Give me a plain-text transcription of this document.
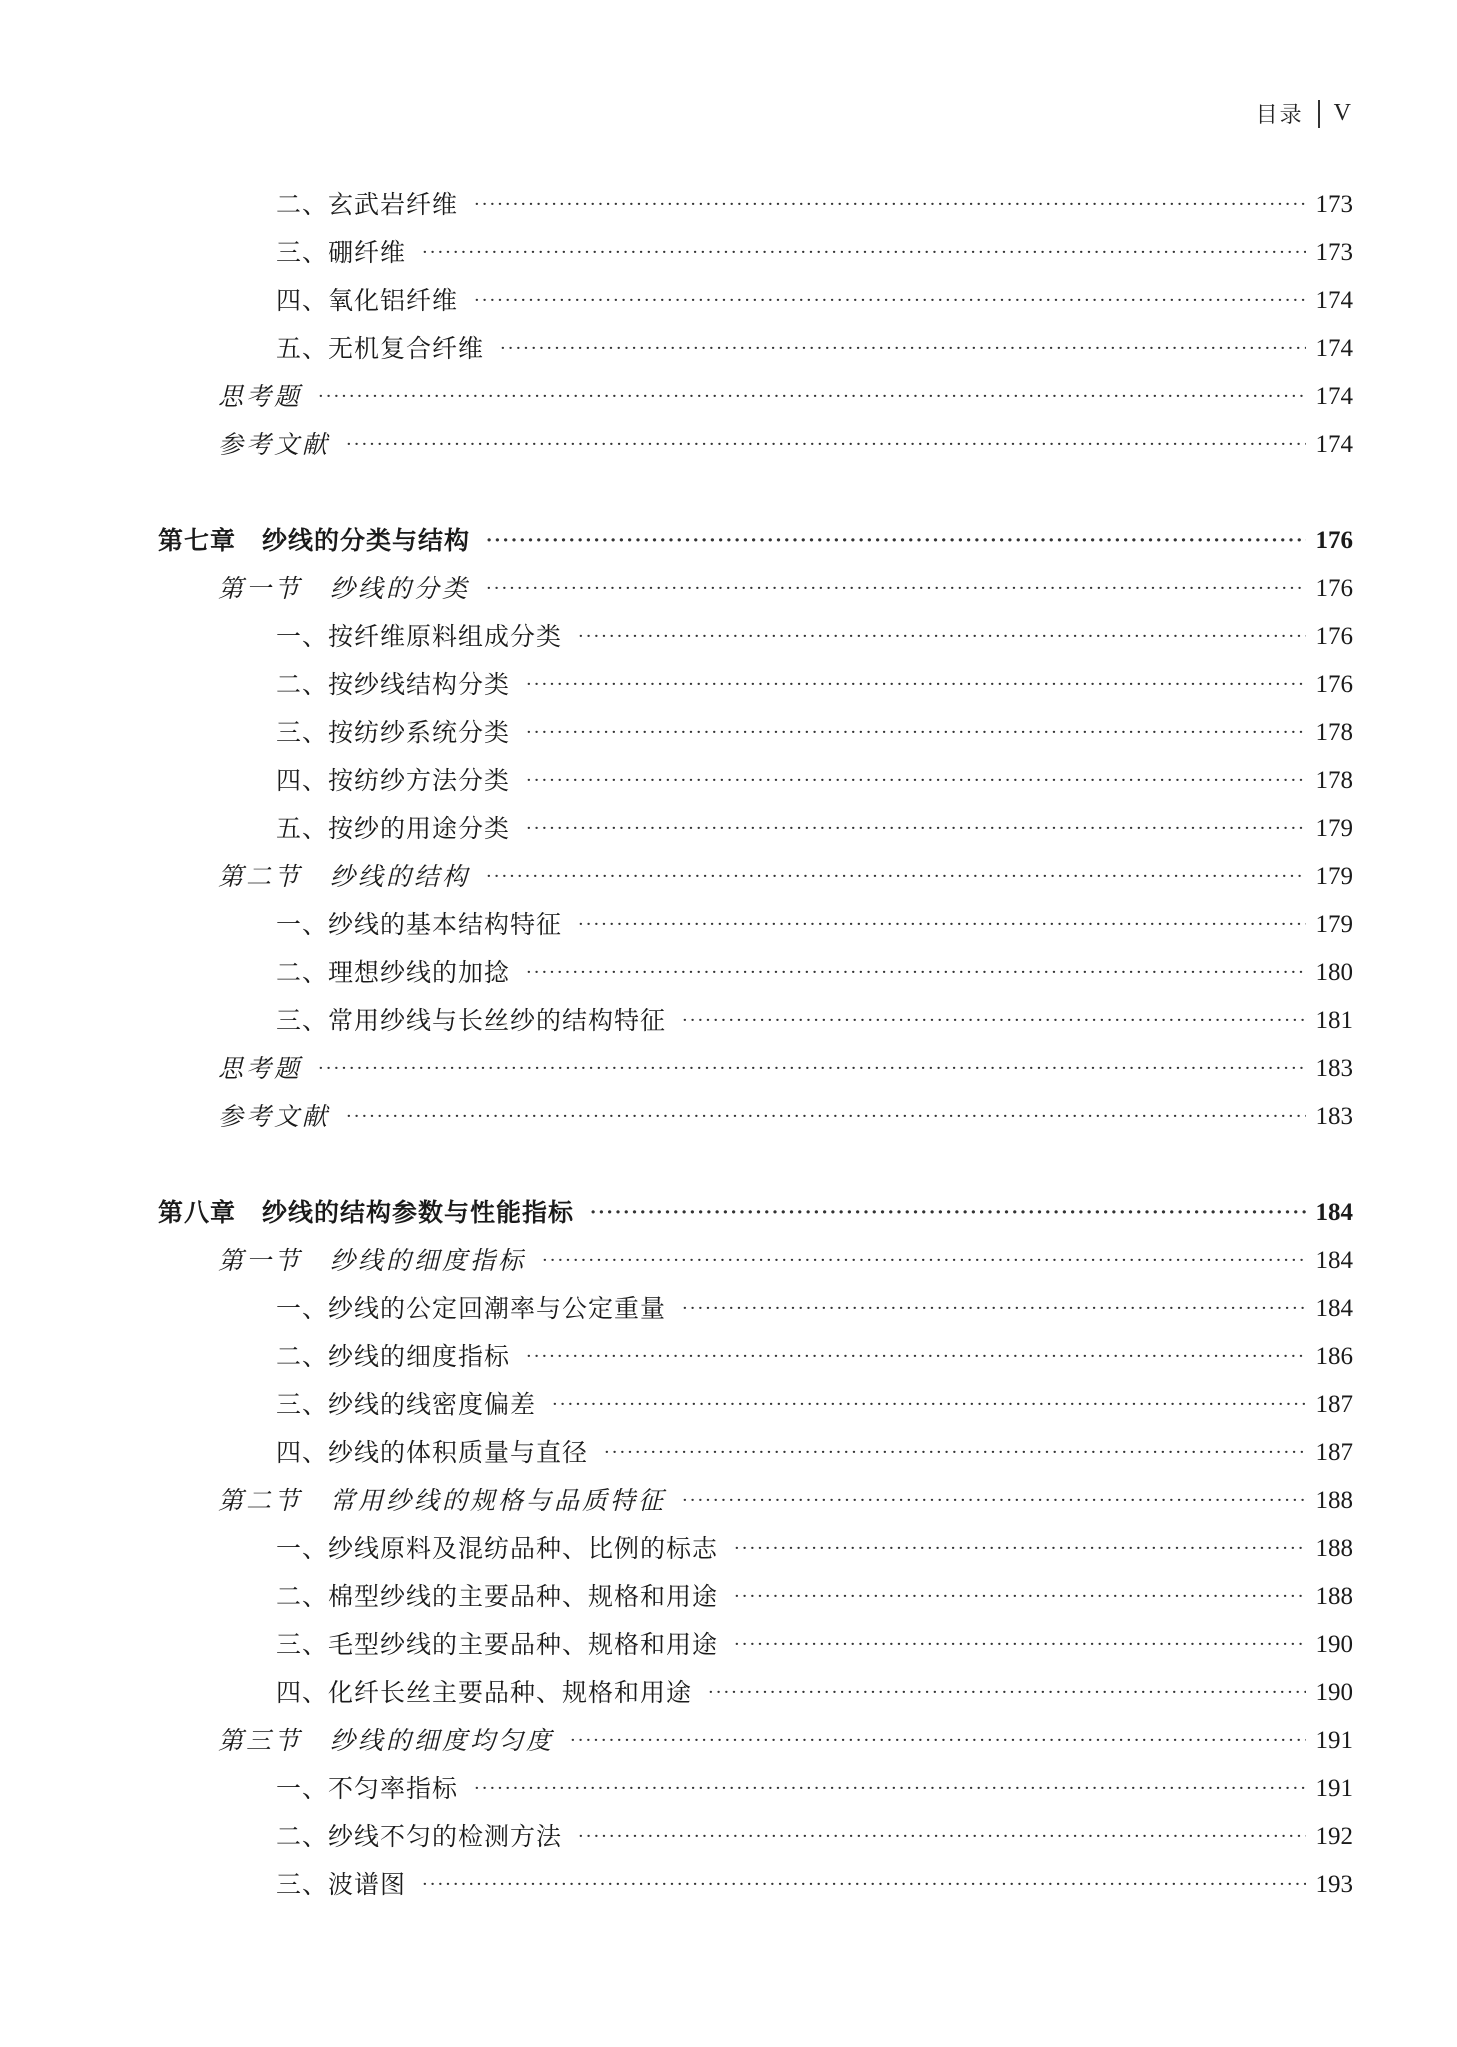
目录 V
二、玄武岩纤维 ·····	173
三、硼纤维 ·····	173
四、氧化铝纤维 ·····	174
五、无机复合纤维 ·····	174
思考题 ·····	174
参考文献 ·····	174
第七章　纱线的分类与结构 ·····	176
第一节　纱线的分类 ·····	176
一、按纤维原料组成分类 ·····	176
二、按纱线结构分类 ·····	176
三、按纺纱系统分类 ·····	178
四、按纺纱方法分类 ·····	178
五、按纱的用途分类 ·····	179
第二节　纱线的结构 ·····	179
一、纱线的基本结构特征 ·····	179
二、理想纱线的加捻 ·····	180
三、常用纱线与长丝纱的结构特征 ·····	181
思考题 ·····	183
参考文献 ·····	183
第八章　纱线的结构参数与性能指标 ·····	184
第一节　纱线的细度指标 ·····	184
一、纱线的公定回潮率与公定重量 ·····	184
二、纱线的细度指标 ·····	186
三、纱线的线密度偏差 ·····	187
四、纱线的体积质量与直径 ·····	187
第二节　常用纱线的规格与品质特征 ·····	188
一、纱线原料及混纺品种、比例的标志 ·····	188
二、棉型纱线的主要品种、规格和用途 ·····	188
三、毛型纱线的主要品种、规格和用途 ·····	190
四、化纤长丝主要品种、规格和用途 ·····	190
第三节　纱线的细度均匀度 ·····	191
一、不匀率指标 ·····	191
二、纱线不匀的检测方法 ·····	192
三、波谱图 ·····	193
